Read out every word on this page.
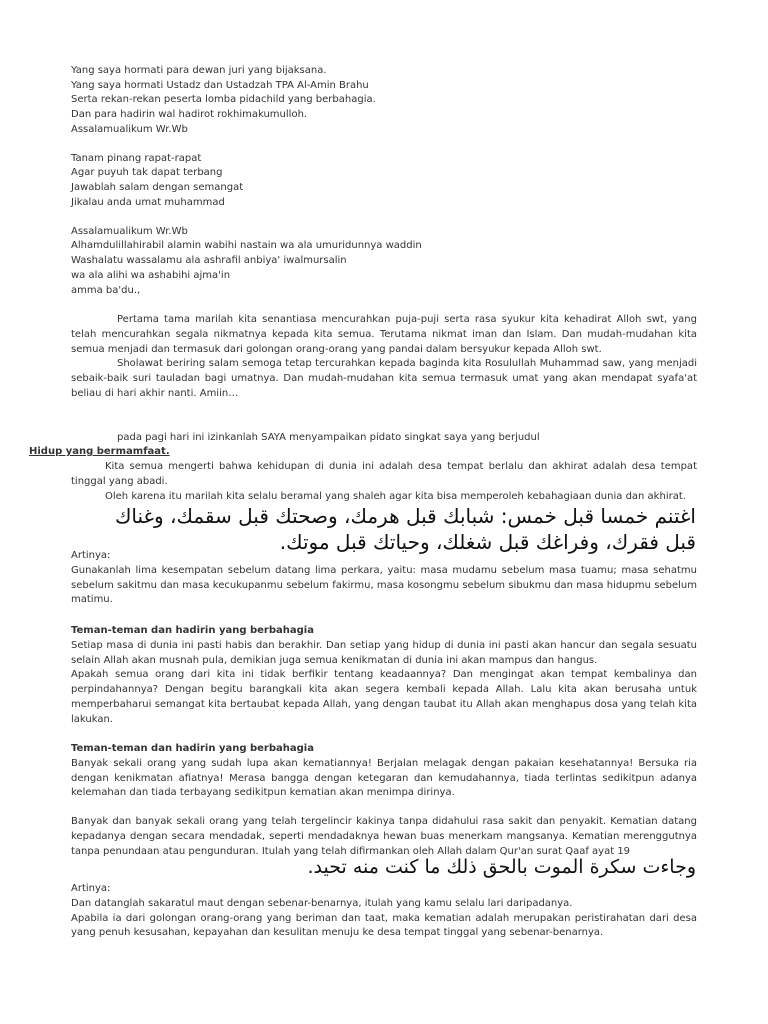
Yang saya hormati para dewan juri yang bijaksana.
Yang saya hormati Ustadz dan Ustadzah TPA Al-Amin Brahu
Serta rekan-rekan peserta lomba pidachild yang berbahagia.
Dan para hadirin wal hadirot rokhimakumulloh.
Assalamualikum Wr.Wb
Tanam pinang rapat-rapat
Agar puyuh tak dapat terbang
Jawablah salam dengan semangat
Jikalau anda umat muhammad
Assalamualikum Wr.Wb
Alhamdulillahirabil alamin wabihi nastain wa ala umuridunnya waddin
Washalatu wassalamu ala ashrafil anbiya' iwalmursalin
wa ala alihi wa ashabihi ajma'in
amma ba'du.,

Pertama tama marilah kita senantiasa mencurahkan puja-puji serta rasa syukur kita kehadirat Alloh swt, yang telah mencurahkan segala nikmatnya kepada kita semua. Terutama nikmat iman dan Islam. Dan mudah-mudahan kita semua menjadi dan termasuk dari golongan orang-orang yang pandai dalam bersyukur kepada Alloh swt.

Sholawat beriring salam semoga tetap tercurahkan kepada baginda kita Rosulullah Muhammad saw, yang menjadi sebaik-baik suri tauladan bagi umatnya. Dan mudah-mudahan kita semua termasuk umat yang akan mendapat syafa'at beliau di hari akhir nanti. Amiin…

pada pagi hari ini izinkanlah SAYA menyampaikan pidato singkat saya yang berjudul
Hidup yang bermamfaat.

Kita semua mengerti bahwa kehidupan di dunia ini adalah desa tempat berlalu dan akhirat adalah desa tempat tinggal yang abadi.

Oleh karena itu marilah kita selalu beramal yang shaleh agar kita bisa memperoleh kebahagiaan dunia dan akhirat.

اغتنم خمسا قبل خمس: شبابك قبل هرمك، وصحتك قبل سقمك، وغناك قبل فقرك، وفراغك قبل شغلك، وحياتك قبل موتك.

Artinya:

Gunakanlah lima kesempatan sebelum datang lima perkara, yaitu: masa mudamu sebelum masa tuamu; masa sehatmu sebelum sakitmu dan masa kecukupanmu sebelum fakirmu, masa kosongmu sebelum sibukmu dan masa hidupmu sebelum matimu.

Teman-teman dan hadirin yang berbahagia

Setiap masa di dunia ini pasti habis dan berakhir. Dan setiap yang hidup di dunia ini pasti akan hancur dan segala sesuatu selain Allah akan musnah pula, demikian juga semua kenikmatan di dunia ini akan mampus dan hangus.

Apakah semua orang dari kita ini tidak berfikir tentang keadaannya? Dan mengingat akan tempat kembalinya dan perpindahannya? Dengan begitu barangkali kita akan segera kembali kepada Allah. Lalu kita akan berusaha untuk memperbaharui semangat kita bertaubat kepada Allah, yang dengan taubat itu Allah akan menghapus dosa yang telah kita lakukan.

Teman-teman dan hadirin yang berbahagia

Banyak sekali orang yang sudah lupa akan kematiannya! Berjalan melagak dengan pakaian kesehatannya! Bersuka ria dengan kenikmatan afiatnya! Merasa bangga dengan ketegaran dan kemudahannya, tiada terlintas sedikitpun adanya kelemahan dan tiada terbayang sedikitpun kematian akan menimpa dirinya.

Banyak dan banyak sekali orang yang telah tergelincir kakinya tanpa didahului rasa sakit dan penyakit. Kematian datang kepadanya dengan secara mendadak, seperti mendadaknya hewan buas menerkam mangsanya. Kematian merenggutnya tanpa penundaan atau pengunduran. Itulah yang telah difirmankan oleh Allah dalam Qur'an surat Qaaf ayat 19

وجاءت سكرة الموت بالحق ذلك ما كنت منه تحيد.

Artinya:

Dan datanglah sakaratul maut dengan sebenar-benarnya, itulah yang kamu selalu lari daripadanya.

Apabila ia dari golongan orang-orang yang beriman dan taat, maka kematian adalah merupakan peristirahatan dari desa yang penuh kesusahan, kepayahan dan kesulitan menuju ke desa tempat tinggal yang sebenar-benarnya.
